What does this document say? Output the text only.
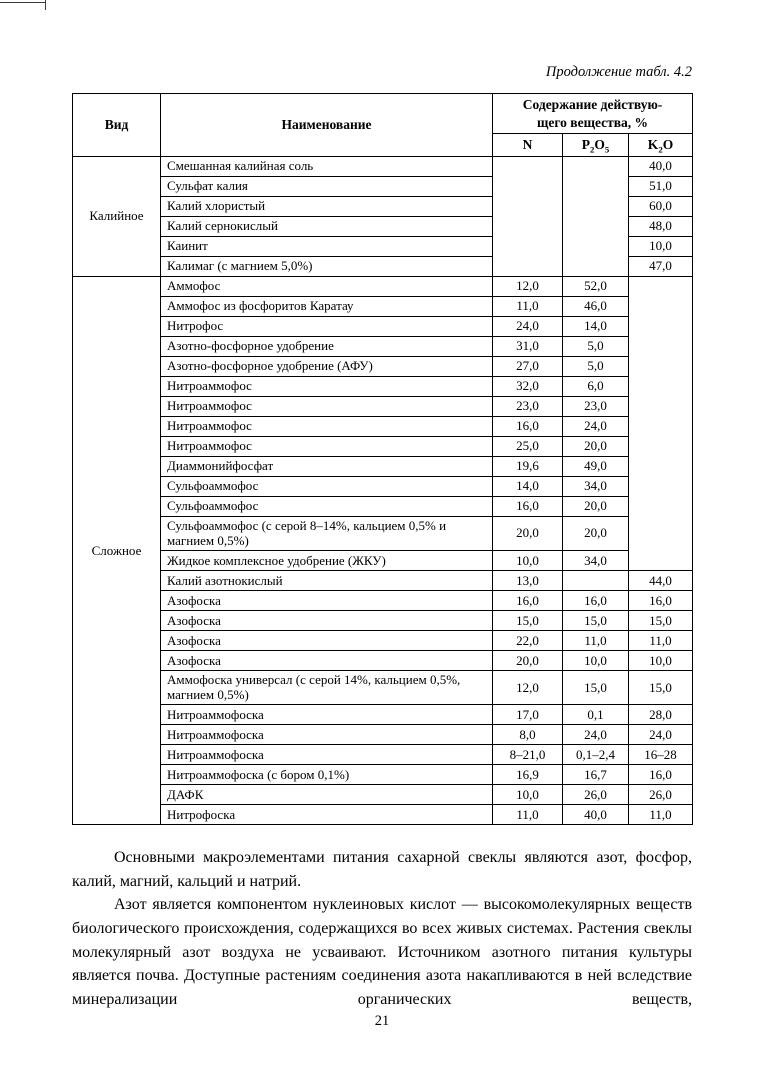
Продолжение табл. 4.2
Вид	Наименование	Содержание действую-
щего вещества, %		

		N	$P_2O_5$	$K_2O$
Калийное	Смешанная калийная соль			40,0
	Сульфат калия			51,0
	Калий хлористый			60,0
	Калий сернокислый			48,0
	Каинит			10,0
	Калимаг (с магнием 5,0%)			47,0
Сложное	Аммофос	12,0	52,0	
	Аммофос из фосфоритов Каратау	11,0	46,0	
	Нитрофос	24,0	14,0	
	Азотно-фосфорное удобрение	31,0	5,0	
	Азотно-фосфорное удобрение (АФУ)	27,0	5,0	
	Нитроаммофос	32,0	6,0	
	Нитроаммофос	23,0	23,0	
	Нитроаммофос	16,0	24,0	
	Нитроаммофос	25,0	20,0	
	Диаммонийфосфат	19,6	49,0	
	Сульфоаммофос	14,0	34,0	
	Сульфоаммофос	16,0	20,0	
	Сульфоаммофос (с серой 8–14%, кальцием 0,5% и магнием 0,5%)	20,0	20,0	
	Жидкое комплексное удобрение (ЖКУ)	10,0	34,0	
	Калий азотнокислый	13,0		44,0
	Азофоска	16,0	16,0	16,0
	Азофоска	15,0	15,0	15,0
	Азофоска	22,0	11,0	11,0
	Азофоска	20,0	10,0	10,0
	Аммофоска универсал (с серой 14%, кальцием 0,5%, магнием 0,5%)	12,0	15,0	15,0
	Нитроаммофоска	17,0	0,1	28,0
	Нитроаммофоска	8,0	24,0	24,0
	Нитроаммофоска	8–21,0	0,1–2,4	16–28
	Нитроаммофоска (с бором 0,1%)	16,9	16,7	16,0
	ДАФК	10,0	26,0	26,0
	Нитрофоска	11,0	40,0	11,0

Основными макроэлементами питания сахарной свеклы являются азот, фосфор, калий, магний, кальций и натрий.

Азот является компонентом нуклеиновых кислот — высокомолекулярных веществ биологического происхождения, содержащихся во всех живых системах. Растения свеклы молекулярный азот воздуха не усваивают. Источником азотного питания культуры является почва. Доступные растениям соединения азота накапливаются в ней вследствие минерализации органических веществ,

21
